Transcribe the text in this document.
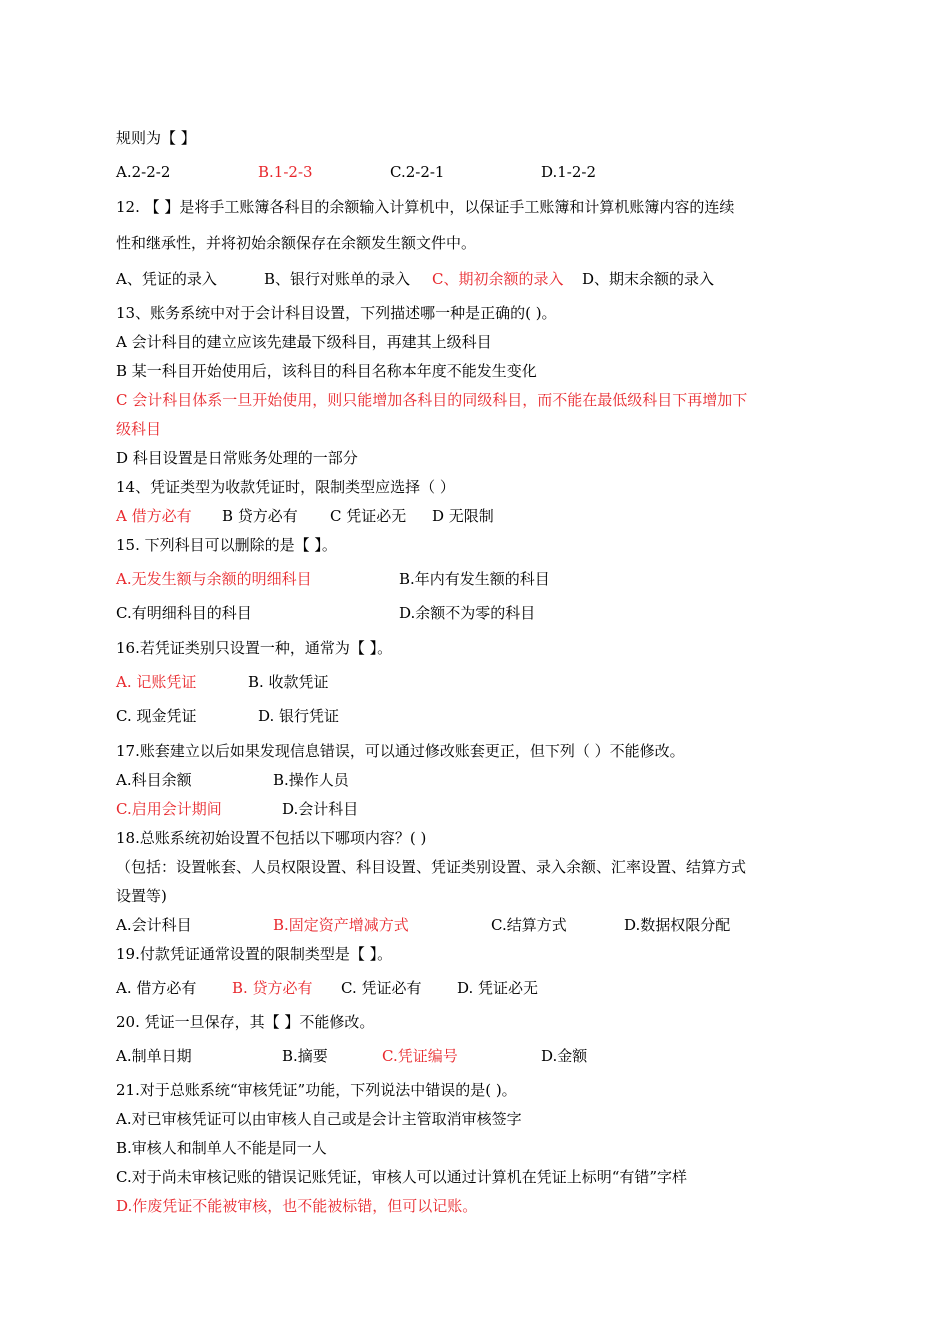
规则为【 】
A.2-2-2	B.1-2-3	C.2-2-1	D.1-2-2
12. 【 】是将手工账簿各科目的余额输入计算机中，以保证手工账簿和计算机账簿内容的连续
性和继承性，并将初始余额保存在余额发生额文件中。
A、凭证的录入	B、银行对账单的录入 C、期初余额的录入 D、期末余额的录入
13、账务系统中对于会计科目设置，下列描述哪一种是正确的( )。
A 会计科目的建立应该先建最下级科目，再建其上级科目
B 某一科目开始使用后，该科目的科目名称本年度不能发生变化
C 会计科目体系一旦开始使用，则只能增加各科目的同级科目，而不能在最低级科目下再增加下
级科目
D 科目设置是日常账务处理的一部分
14、凭证类型为收款凭证时，限制类型应选择（ ）
A 借方必有 B 贷方必有 C 凭证必无 D 无限制
15. 下列科目可以删除的是【 】。
A.无发生额与余额的明细科目	B.年内有发生额的科目
C.有明细科目的科目	D.余额不为零的科目
16.若凭证类别只设置一种，通常为【 】。
A. 记账凭证	B. 收款凭证
C. 现金凭证	D. 银行凭证
17.账套建立以后如果发现信息错误，可以通过修改账套更正，但下列（ ）不能修改。
A.科目余额	B.操作人员
C.启用会计期间	D.会计科目
18.总账系统初始设置不包括以下哪项内容？( )
（包括：设置帐套、人员权限设置、科目设置、凭证类别设置、录入余额、汇率设置、结算方式
设置等)
A.会计科目	B.固定资产增减方式	C.结算方式	D.数据权限分配
19.付款凭证通常设置的限制类型是【 】。
A. 借方必有 B. 贷方必有 C. 凭证必有 D. 凭证必无
20. 凭证一旦保存，其【 】不能修改。
A.制单日期	B.摘要	C.凭证编号	D.金额
21.对于总账系统“审核凭证”功能，下列说法中错误的是( )。
A.对已审核凭证可以由审核人自己或是会计主管取消审核签字
B.审核人和制单人不能是同一人
C.对于尚未审核记账的错误记账凭证，审核人可以通过计算机在凭证上标明“有错”字样
D.作废凭证不能被审核，也不能被标错，但可以记账。
